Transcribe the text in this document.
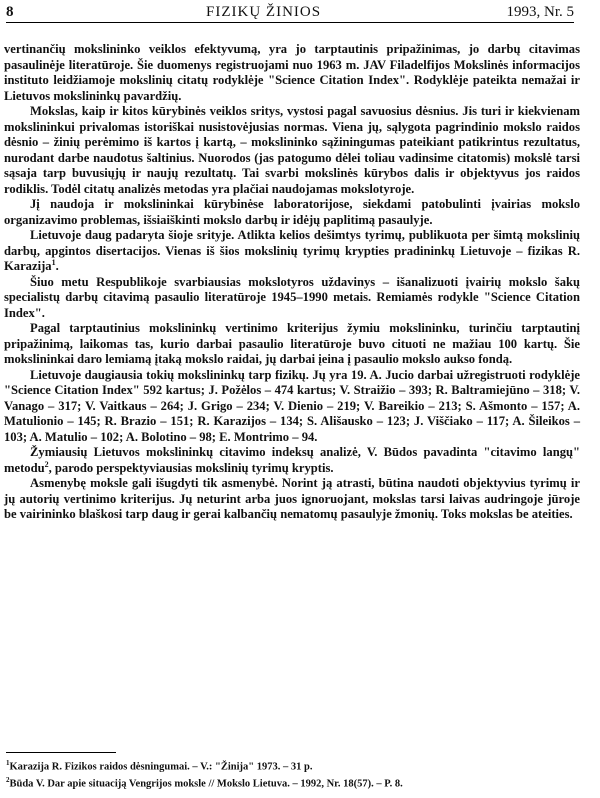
8	FIZIKŲ ŽINIOS	1993, Nr. 5

vertinančių mokslininko veiklos efektyvumą, yra jo tarptautinis pripažinimas, jo darbų citavimas pasaulinėje literatūroje. Šie duomenys registruojami nuo 1963 m. JAV Filadelfijos Mokslinės informacijos instituto leidžiamoje mokslinių citatų rodyklėje "Science Citation Index". Rodyklėje pateikta nemažai ir Lietuvos mokslininkų pavardžių.

Mokslas, kaip ir kitos kūrybinės veiklos sritys, vystosi pagal savuosius dėsnius. Jis turi ir kiekvienam mokslininkui privalomas istoriškai nusistovėjusias normas. Viena jų, sąlygota pagrindinio mokslo raidos dėsnio – žinių perėmimo iš kartos į kartą, – mokslininko sąžiningumas pateikiant patikrintus rezultatus, nurodant darbe naudotus šaltinius. Nuorodos (jas patogumo dėlei toliau vadinsime citatomis) mokslė tarsi sąsaja tarp buvusiųjų ir naujų rezultatų. Tai svarbi mokslinės kūrybos dalis ir objektyvus jos raidos rodiklis. Todėl citatų analizės metodas yra plačiai naudojamas mokslotyroje.

Jį naudoja ir mokslininkai kūrybinėse laboratorijose, siekdami patobulinti įvairias mokslo organizavimo problemas, išsiaiškinti mokslo darbų ir idėjų paplitimą pasaulyje.

Lietuvoje daug padaryta šioje srityje. Atlikta kelios dešimtys tyrimų, publikuota per šimtą mokslinių darbų, apgintos disertacijos. Vienas iš šios mokslinių tyrimų krypties pradininkų Lietuvoje – fizikas R. Karazija$^1$.

Šiuo metu Respublikoje svarbiausias mokslotyros uždavinys – išanalizuoti įvairių mokslo šakų specialistų darbų citavimą pasaulio literatūroje 1945–1990 metais. Remiamės rodykle "Science Citation Index".

Pagal tarptautinius mokslininkų vertinimo kriterijus žymiu mokslininku, turinčiu tarptautinį pripažinimą, laikomas tas, kurio darbai pasaulio literatūroje buvo cituoti ne mažiau 100 kartų. Šie mokslininkai daro lemiamą įtaką mokslo raidai, jų darbai įeina į pasaulio mokslo aukso fondą.

Lietuvoje daugiausia tokių mokslininkų tarp fizikų. Jų yra 19. A. Jucio darbai užregistruoti rodyklėje "Science Citation Index" 592 kartus; J. Požėlos – 474 kartus; V. Straižio – 393; R. Baltramiejūno – 318; V. Vanago – 317; V. Vaitkaus – 264; J. Grigo – 234; V. Dienio – 219; V. Bareikio – 213; S. Ašmonto – 157; A. Matulionio – 145; R. Brazio – 151; R. Karazijos – 134; S. Ališausko – 123; J. Viščiako – 117; A. Šileikos – 103; A. Matulio – 102; A. Bolotino – 98; E. Montrimo – 94.

Žymiausių Lietuvos mokslininkų citavimo indeksų analizė, V. Būdos pavadinta "citavimo langų" metodu$^2$, parodo perspektyviausias mokslinių tyrimų kryptis.

Asmenybę moksle gali išugdyti tik asmenybė. Norint ją atrasti, būtina naudoti objektyvius tyrimų ir jų autorių vertinimo kriterijus. Jų neturint arba juos ignoruojant, mokslas tarsi laivas audringoje jūroje be vairininko blaškosi tarp daug ir gerai kalbančių nematomų pasaulyje žmonių. Toks mokslas be ateities.

$^1$Karazija R. Fizikos raidos dėsningumai. – V.: "Žinija" 1973. – 31 p.
$^2$Būda V. Dar apie situaciją Vengrijos moksle // Mokslo Lietuva. – 1992, Nr. 18(57). – P. 8.
